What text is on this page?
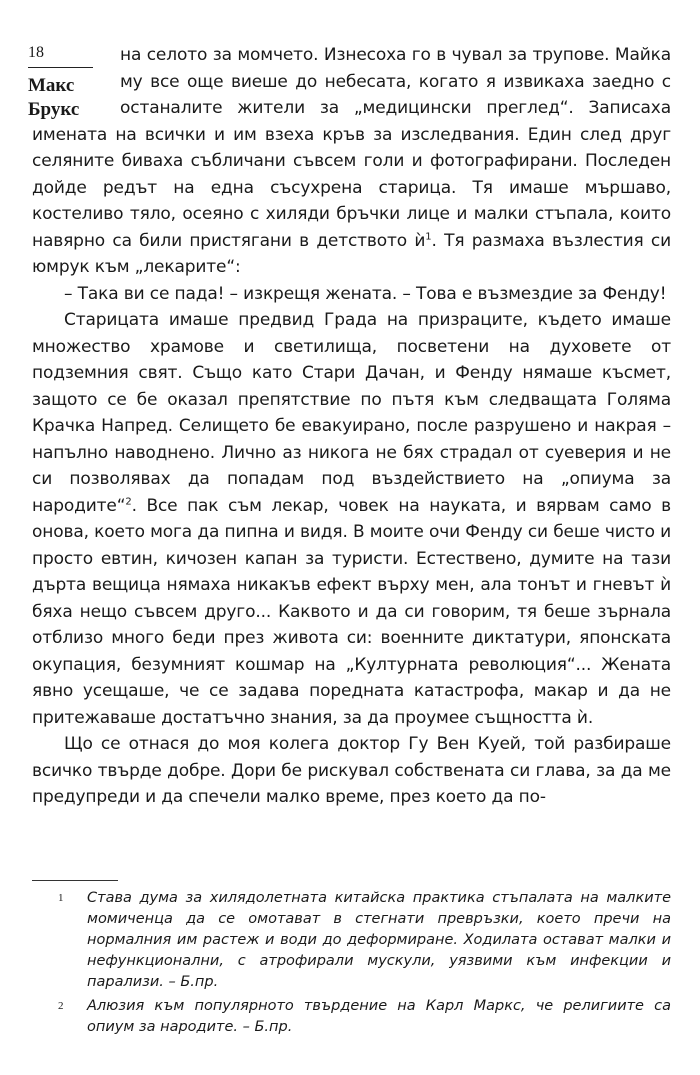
18
Макс Брукс

на селото за момчето. Изнесоха го в чувал за трупове. Майка му все още виеше до небесата, когато я извикаха заедно с останалите жители за „медицински преглед“. Записаха имената на всички и им взеха кръв за изследвания. Един след друг селяните биваха събличани съвсем голи и фотографирани. Последен дойде редът на една съсухрена старица. Тя имаше мършаво, костеливо тяло, осеяно с хиляди бръчки лице и малки стъпала, които навярно са били пристягани в детството $ѝ^1$. Тя размаха възлестия си юмрук към „лекарите“:

– Така ви се пада! – изкрещя жената. – Това е възмездие за Фенду!

Старицата имаше предвид Града на призраците, където имаше множество храмове и светилища, посветени на духовете от подземния свят. Също като Стари Дачан, и Фенду нямаше късмет, защото се бе оказал препятствие по пътя към следващата Голяма Крачка Напред. Селището бе евакуирано, после разрушено и накрая – напълно наводнено. Лично аз никога не бях страдал от суеверия и не си позволявах да попадам под въздействието на „опиума за народите“$^2$. Все пак съм лекар, човек на науката, и вярвам само в онова, което мога да пипна и видя. В моите очи Фенду си беше чисто и просто евтин, кичозен капан за туристи. Естествено, думите на тази дърта вещица нямаха никакъв ефект върху мен, ала тонът и гневът ѝ бяха нещо съвсем друго... Каквото и да си говорим, тя беше зърнала отблизо много беди през живота си: военните диктатури, японската окупация, безумният кошмар на „Културната революция“... Жената явно усещаше, че се задава поредната катастрофа, макар и да не притежаваше достатъчно знания, за да проумее същността ѝ.

Що се отнася до моя колега доктор Гу Вен Куей, той разбираше всичко твърде добре. Дори бе рискувал собствената си глава, за да ме предупреди и да спечели малко време, през което да по-

1 Става дума за хилядолетната китайска практика стъпалата на малките момиченца да се омотават в стегнати превръзки, което пречи на нормалния им растеж и води до деформиране. Ходилата остават малки и нефункционални, с атрофирали мускули, уязвими към инфекции и парализи. – Б.пр.
2 Алюзия към популярното твърдение на Карл Маркс, че религиите са опиум за народите. – Б.пр.
